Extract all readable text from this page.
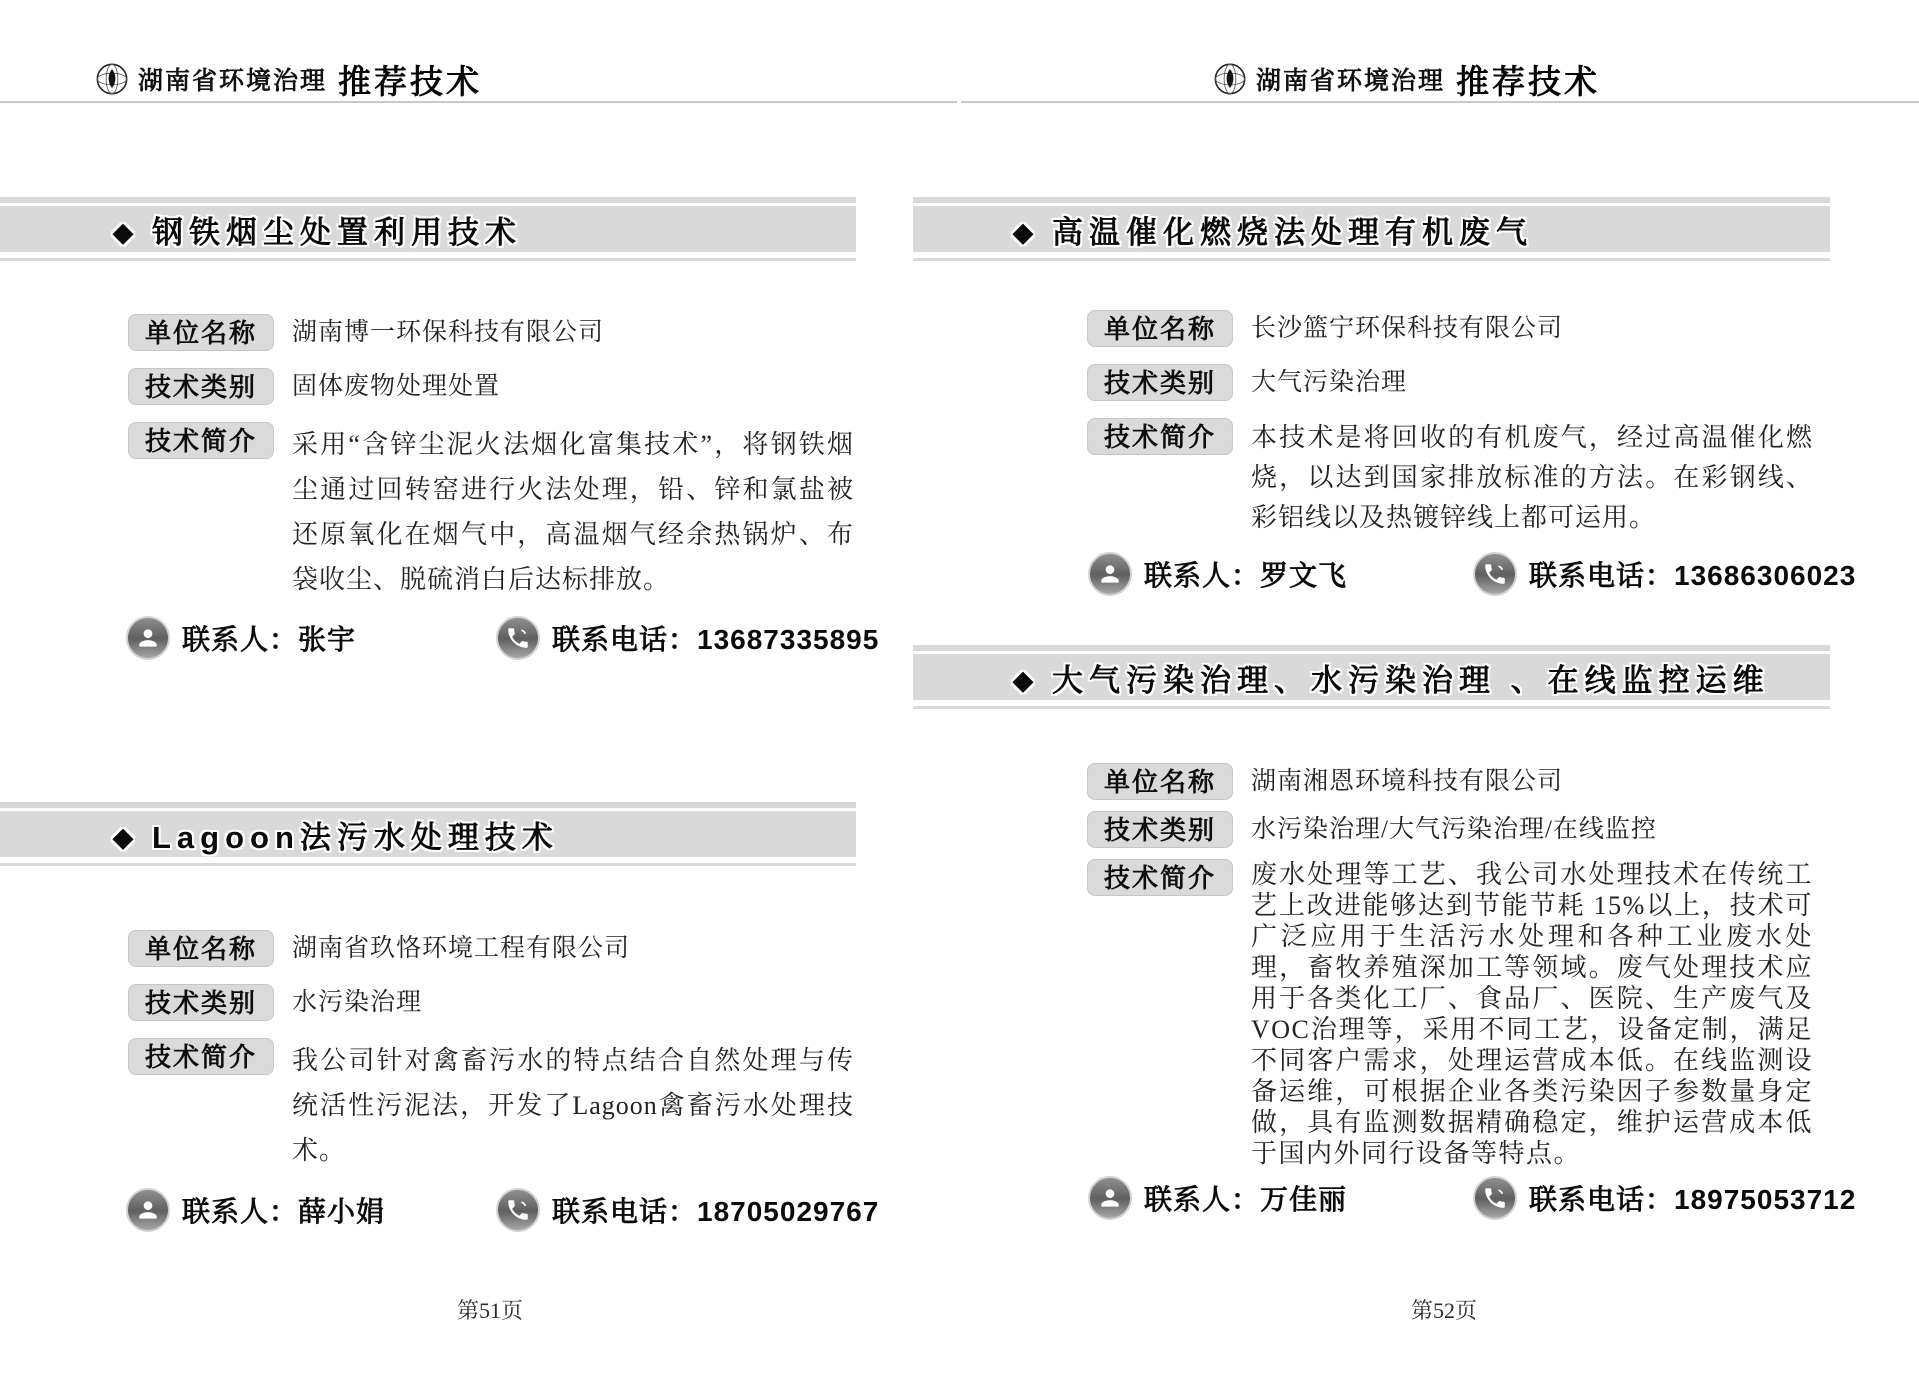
湖南省环境治理 推荐技术	湖南省环境治理 推荐技术
◆ 钢铁烟尘处置利用技术
单位名称	湖南博一环保科技有限公司
技术类别	固体废物处理处置
技术简介	采用“含锌尘泥火法烟化富集技术”，将钢铁烟尘通过回转窑进行火法处理，铅、锌和氯盐被还原氧化在烟气中，高温烟气经余热锅炉、布袋收尘、脱硫消白后达标排放。
联系人：张宇	联系电话：13687335895
◆ Lagoon法污水处理技术
单位名称	湖南省玖恪环境工程有限公司
技术类别	水污染治理
技术简介	我公司针对禽畜污水的特点结合自然处理与传统活性污泥法，开发了Lagoon禽畜污水处理技术。
联系人：薛小娟	联系电话：18705029767
第51页
◆ 高温催化燃烧法处理有机废气
单位名称	长沙篮宁环保科技有限公司
技术类别	大气污染治理
技术简介	本技术是将回收的有机废气，经过高温催化燃烧，以达到国家排放标准的方法。在彩钢线、彩铝线以及热镀锌线上都可运用。
联系人：罗文飞	联系电话：13686306023
◆ 大气污染治理、水污染治理 、在线监控运维
单位名称	湖南湘恩环境科技有限公司
技术类别	水污染治理/大气污染治理/在线监控
技术简介	废水处理等工艺、我公司水处理技术在传统工艺上改进能够达到节能节耗 15%以上，技术可广泛应用于生活污水处理和各种工业废水处理，畜牧养殖深加工等领域。废气处理技术应用于各类化工厂、食品厂、医院、生产废气及 VOC治理等，采用不同工艺，设备定制，满足不同客户需求，处理运营成本低。在线监测设备运维，可根据企业各类污染因子参数量身定做，具有监测数据精确稳定，维护运营成本低于国内外同行设备等特点。
联系人：万佳丽	联系电话：18975053712
第52页
